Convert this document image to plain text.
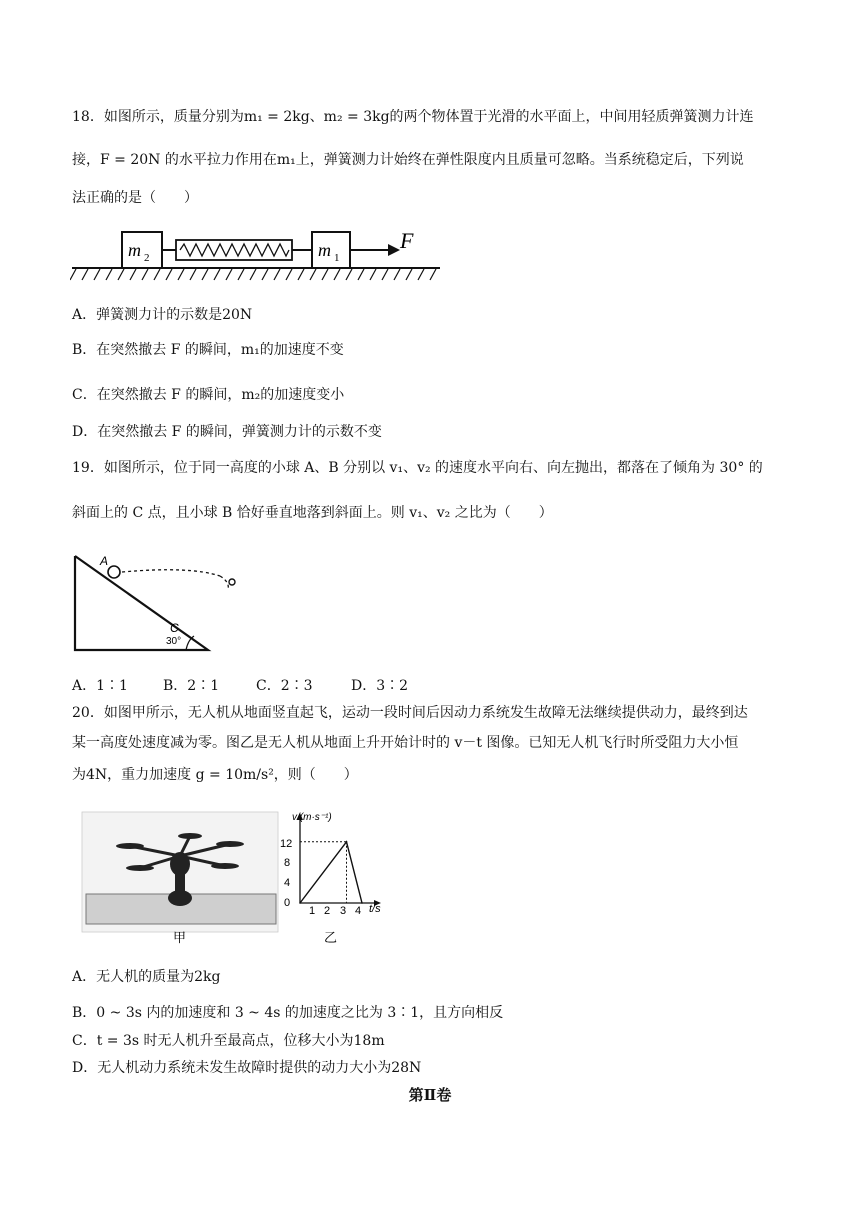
18．如图所示，质量分别为m₁ = 2kg、m₂ = 3kg的两个物体置于光滑的水平面上，中间用轻质弹簧测力计连
接，F = 20N 的水平拉力作用在m₁上，弹簧测力计始终在弹性限度内且质量可忽略。当系统稳定后，下列说
法正确的是（　　）
m 2	m 1
F
A．弹簧测力计的示数是20N
B．在突然撤去 F 的瞬间，m₁的加速度不变
C．在突然撤去 F 的瞬间，m₂的加速度变小
D．在突然撤去 F 的瞬间，弹簧测力计的示数不变
19．如图所示，位于同一高度的小球 A、B 分别以 v₁、v₂ 的速度水平向右、向左抛出，都落在了倾角为 30° 的
斜面上的 C 点，且小球 B 恰好垂直地落到斜面上。则 v₁、v₂ 之比为（　　）
A
C
30°
A．1∶1	B．2∶1	C．2∶3	D．3∶2
20．如图甲所示，无人机从地面竖直起飞，运动一段时间后因动力系统发生故障无法继续提供动力，最终到达
某一高度处速度减为零。图乙是无人机从地面上升开始计时的 v－t 图像。已知无人机飞行时所受阻力大小恒
为4N，重力加速度 g = 10m/s²，则（　　）
甲
v/(m·s⁻¹)
t/s
12
8
4
0
1 2 3 4
乙
A．无人机的质量为2kg
B．0 ~ 3s 内的加速度和 3 ~ 4s 的加速度之比为 3∶1，且方向相反
C．t = 3s 时无人机升至最高点，位移大小为18m
D．无人机动力系统未发生故障时提供的动力大小为28N
第Ⅱ卷
